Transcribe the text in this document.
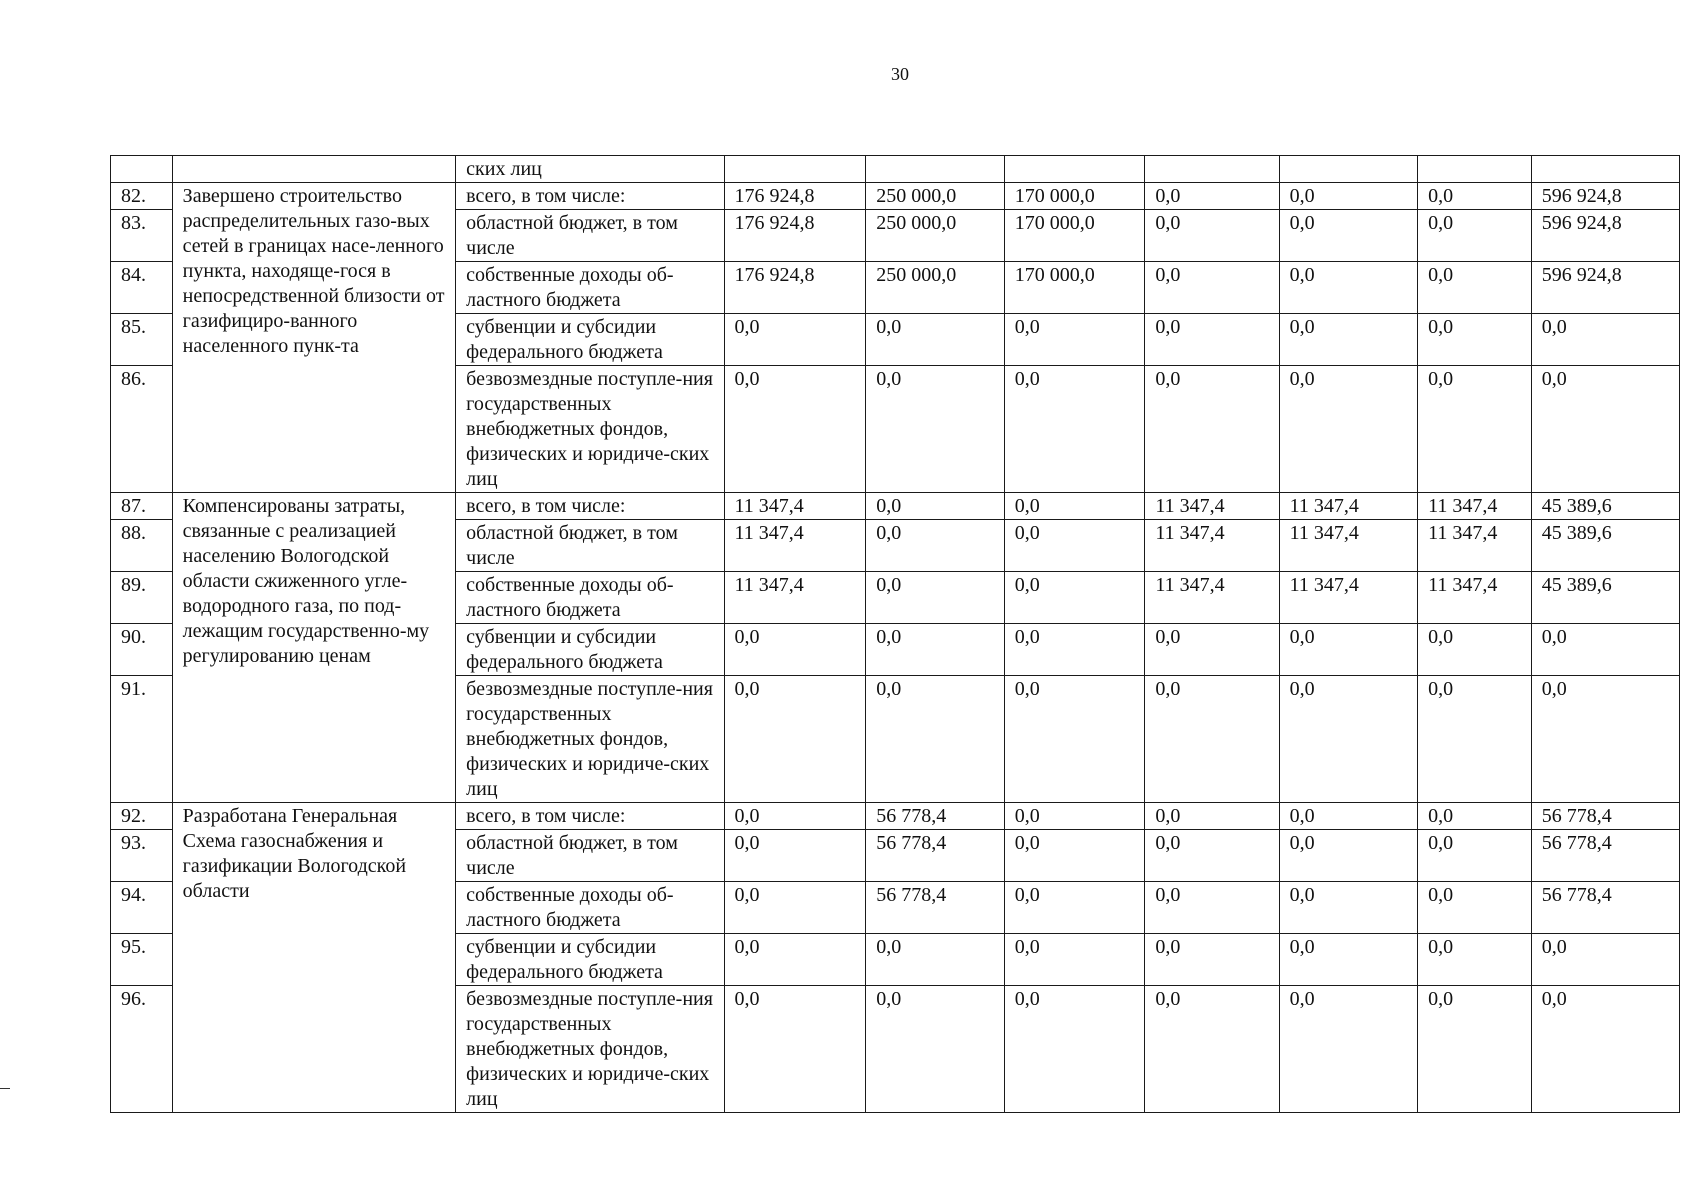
30
		ских лиц							
82.	Завершено строительство распределительных газо-вых сетей в границах насе-ленного пункта, находяще-гося в непосредственной близости от газифициро-ванного населенного пунк-та	всего, в том числе:	176 924,8	250 000,0	170 000,0	0,0	0,0	0,0	596 924,8
83.		областной бюджет, в том числе	176 924,8	250 000,0	170 000,0	0,0	0,0	0,0	596 924,8
84.		собственные доходы об-ластного бюджета	176 924,8	250 000,0	170 000,0	0,0	0,0	0,0	596 924,8
85.		субвенции и субсидии федерального бюджета	0,0	0,0	0,0	0,0	0,0	0,0	0,0
86.		безвозмездные поступле-ния государственных внебюджетных фондов, физических и юридиче-ских лиц	0,0	0,0	0,0	0,0	0,0	0,0	0,0
87.	Компенсированы затраты, связанные с реализацией населению Вологодской области сжиженного угле-водородного газа, по под-лежащим государственно-му регулированию ценам	всего, в том числе:	11 347,4	0,0	0,0	11 347,4	11 347,4	11 347,4	45 389,6
88.		областной бюджет, в том числе	11 347,4	0,0	0,0	11 347,4	11 347,4	11 347,4	45 389,6
89.		собственные доходы об-ластного бюджета	11 347,4	0,0	0,0	11 347,4	11 347,4	11 347,4	45 389,6
90.		субвенции и субсидии федерального бюджета	0,0	0,0	0,0	0,0	0,0	0,0	0,0
91.		безвозмездные поступле-ния государственных внебюджетных фондов, физических и юридиче-ских лиц	0,0	0,0	0,0	0,0	0,0	0,0	0,0
92.	Разработана Генеральная Схема газоснабжения и газификации Вологодской области	всего, в том числе:	0,0	56 778,4	0,0	0,0	0,0	0,0	56 778,4
93.		областной бюджет, в том числе	0,0	56 778,4	0,0	0,0	0,0	0,0	56 778,4
94.		собственные доходы об-ластного бюджета	0,0	56 778,4	0,0	0,0	0,0	0,0	56 778,4
95.		субвенции и субсидии федерального бюджета	0,0	0,0	0,0	0,0	0,0	0,0	0,0
96.		безвозмездные поступле-ния государственных внебюджетных фондов, физических и юридиче-ских лиц	0,0	0,0	0,0	0,0	0,0	0,0	0,0
